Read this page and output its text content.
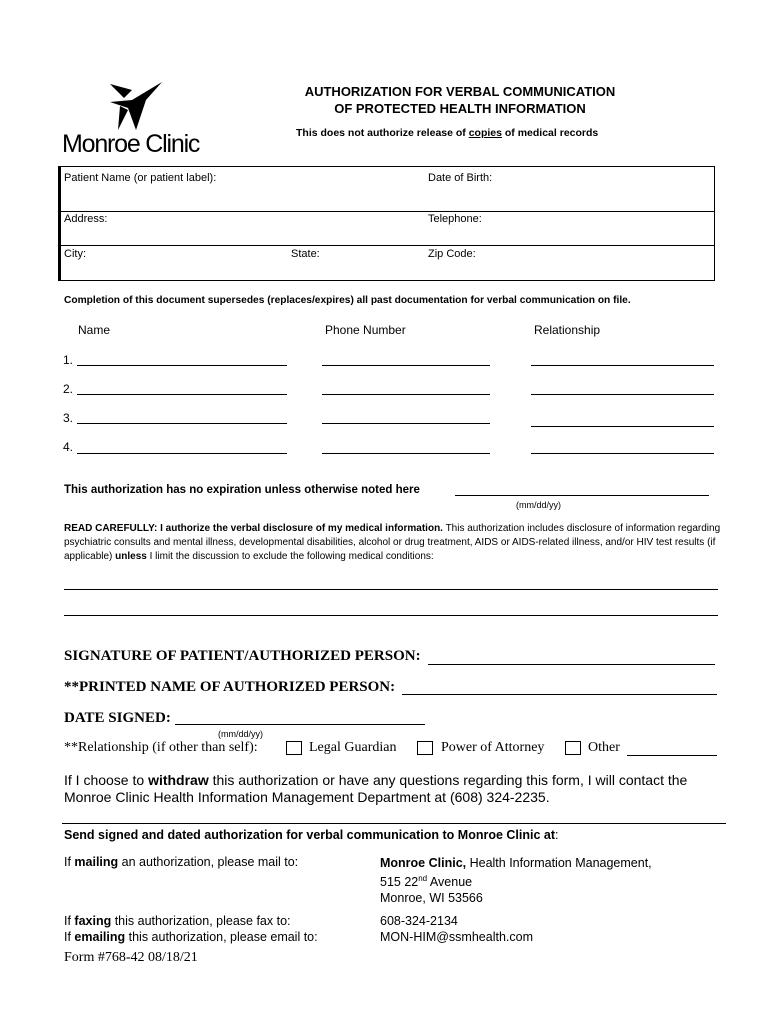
Monroe Clinic
AUTHORIZATION FOR VERBAL COMMUNICATION
OF PROTECTED HEALTH INFORMATION
This does not authorize release of copies of medical records
Patient Name (or patient label):	Date of Birth:
Address:	Telephone:
City:	State:	Zip Code:
Completion of this document supersedes (replaces/expires) all past documentation for verbal communication on file.
Name	Phone Number	Relationship
1.
2.
3.
4.
This authorization has no expiration unless otherwise noted here
(mm/dd/yy)
READ CAREFULLY: I authorize the verbal disclosure of my medical information. This authorization includes disclosure of information regarding psychiatric consults and mental illness, developmental disabilities, alcohol or drug treatment, AIDS or AIDS-related illness, and/or HIV test results (if applicable) unless I limit the discussion to exclude the following medical conditions:
SIGNATURE OF PATIENT/AUTHORIZED PERSON:
**PRINTED NAME OF AUTHORIZED PERSON:
DATE SIGNED:
(mm/dd/yy)
**Relationship (if other than self):	Legal Guardian	Power of Attorney	Other
If I choose to withdraw this authorization or have any questions regarding this form, I will contact the Monroe Clinic Health Information Management Department at (608) 324-2235.
Send signed and dated authorization for verbal communication to Monroe Clinic at:
If mailing an authorization, please mail to:	Monroe Clinic, Health Information Management,
515 22nd Avenue
Monroe, WI 53566
If faxing this authorization, please fax to:	608-324-2134
If emailing this authorization, please email to:	MON-HIM@ssmhealth.com
Form #768-42 08/18/21
